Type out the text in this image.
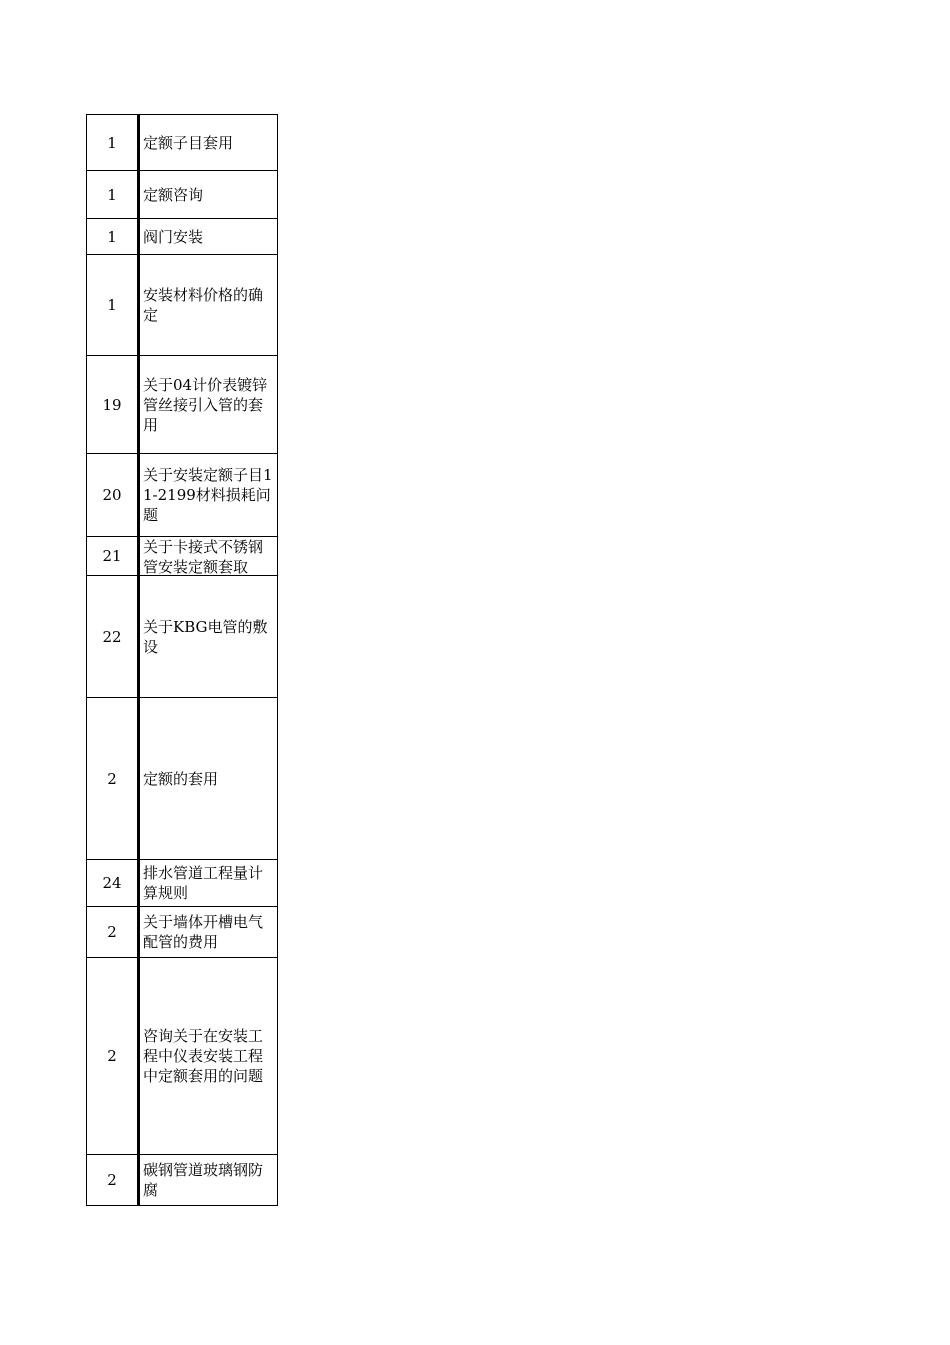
1	定额子目套用
1	定额咨询
1	阀门安装
1	安装材料价格的确定
19	关于04计价表镀锌管丝接引入管的套用
20	关于安装定额子目11-2199材料损耗问题
21	关于卡接式不锈钢管安装定额套取

22	关于KBG电管的敷设
2	定额的套用
24	排水管道工程量计算规则
2	关于墙体开槽电气配管的费用
2	咨询关于在安装工程中仪表安装工程中定额套用的问题
2	碳钢管道玻璃钢防腐
